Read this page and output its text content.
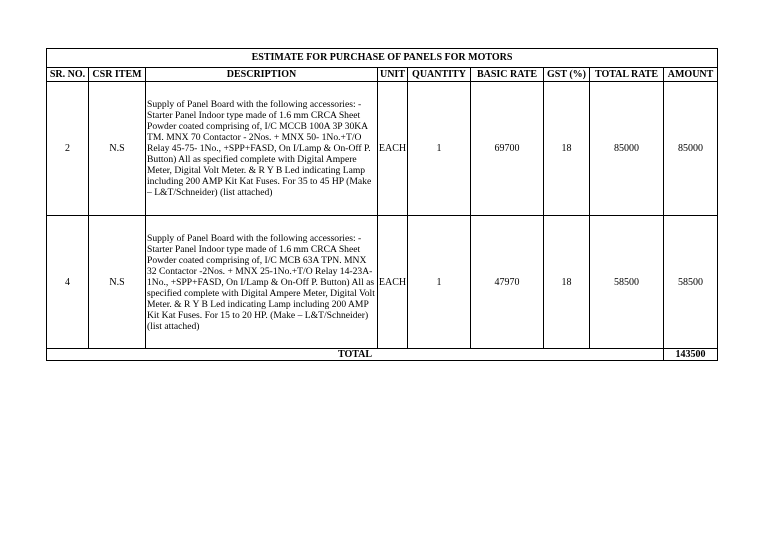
ESTIMATE FOR PURCHASE OF PANELS FOR MOTORS								
SR. NO.	CSR ITEM	DESCRIPTION	UNIT	QUANTITY	BASIC RATE	GST (%)	TOTAL RATE	AMOUNT
2	N.S	Supply of Panel Board with the following accessories: - Starter Panel Indoor type made of 1.6 mm CRCA Sheet Powder coated comprising of, I/C MCCB 100A 3P 30KA TM. MNX 70 Contactor - 2Nos. + MNX 50- 1No.+T/O Relay 45-75- 1No., +SPP+FASD, On I/Lamp & On-Off P. Button) All as specified complete with Digital Ampere Meter, Digital Volt Meter. & R Y B Led indicating Lamp including 200 AMP Kit Kat Fuses. For 35 to 45 HP (Make – L&T/Schneider) (list attached)	EACH	1	69700	18	85000	85000
4	N.S	Supply of Panel Board with the following accessories: - Starter Panel Indoor type made of 1.6 mm CRCA Sheet Powder coated comprising of, I/C MCB 63A TPN. MNX 32 Contactor -2Nos. + MNX 25-1No.+T/O Relay 14-23A-1No., +SPP+FASD, On I/Lamp & On-Off P. Button) All as specified complete with Digital Ampere Meter, Digital Volt Meter. & R Y B Led indicating Lamp including 200 AMP Kit Kat Fuses. For 15 to 20 HP. (Make – L&T/Schneider) (list attached)	EACH	1	47970	18	58500	58500
TOTAL								143500
